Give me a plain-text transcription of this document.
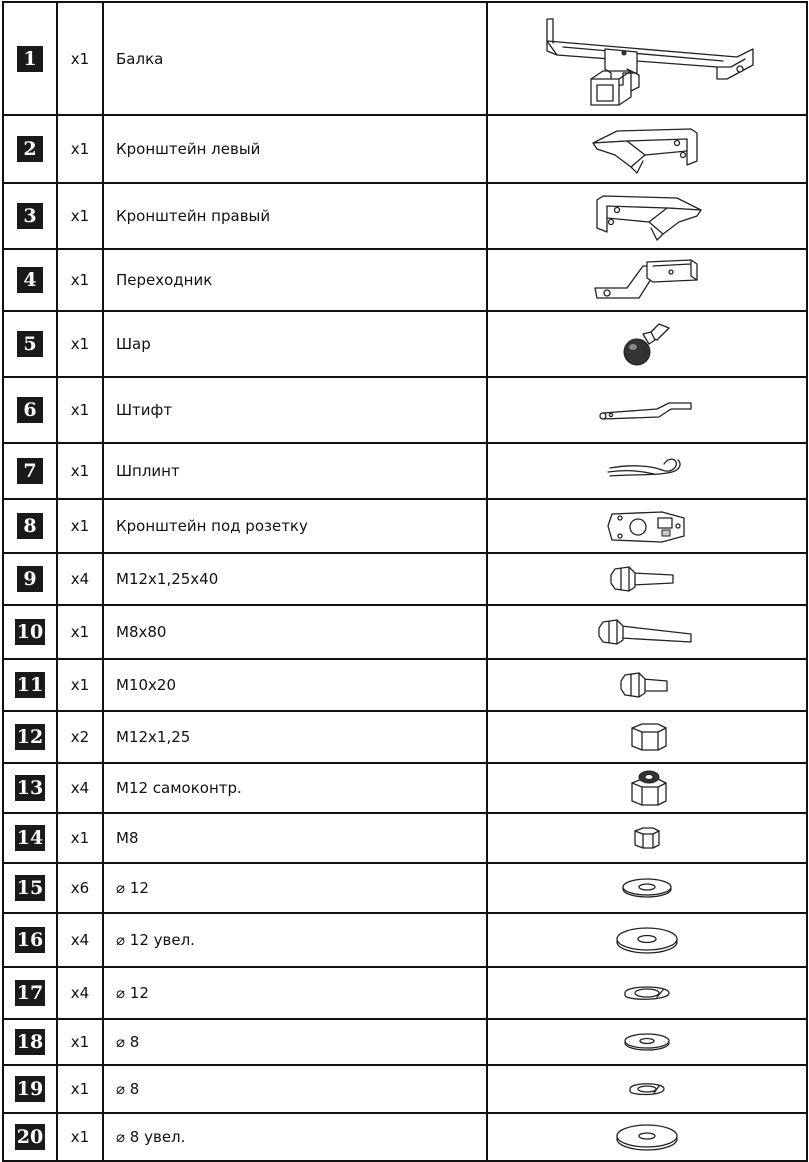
1	x1	Балка	

2	x1	Кронштейн левый	

3	x1	Кронштейн правый	

4	x1	Переходник	

5	x1	Шар	

6	x1	Штифт	

7	x1	Шплинт	

8	x1	Кронштейн под розетку	

9	x4	M12x1,25x40	

10	x1	M8x80	

11	x1	M10x20	

12	x2	M12x1,25	

13	x4	M12 самоконтр.	

14	x1	M8	

15	x6	⌀ 12	

16	x4	⌀ 12 увел.	

17	x4	⌀ 12	

18	x1	⌀ 8	

19	x1	⌀ 8	

20	x1	⌀ 8 увел.	
